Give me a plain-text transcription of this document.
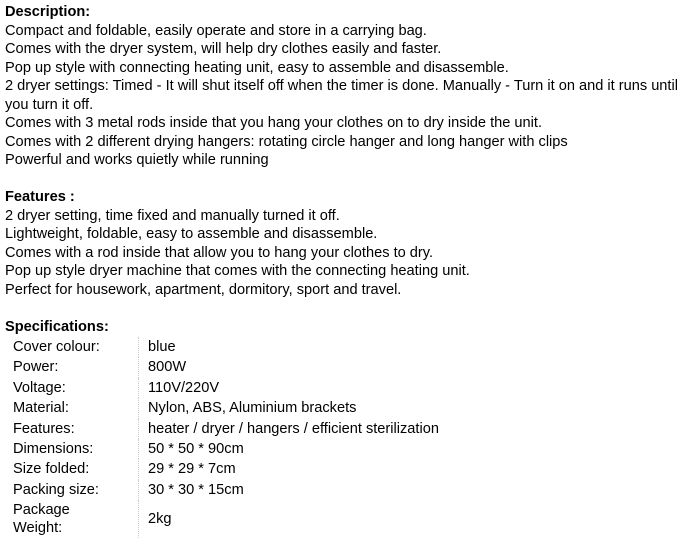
Description:

Compact and foldable, easily operate and store in a carrying bag.

Comes with the dryer system, will help dry clothes easily and faster.

Pop up style with connecting heating unit, easy to assemble and disassemble.

2 dryer settings: Timed - It will shut itself off when the timer is done. Manually - Turn it on and it runs until you turn it off.

Comes with 3 metal rods inside that you hang your clothes on to dry inside the unit.

Comes with 2 different drying hangers: rotating circle hanger and long hanger with clips

Powerful and works quietly while running

Features :

2 dryer setting, time fixed and manually turned it off.

Lightweight, foldable, easy to assemble and disassemble.

Comes with a rod inside that allow you to hang your clothes to dry.

Pop up style dryer machine that comes with the connecting heating unit.

Perfect for housework, apartment, dormitory, sport and travel.

Specifications:

Cover colour:	blue
Power:	800W
Voltage:	110V/220V
Material:	Nylon, ABS, Aluminium brackets
Features:	heater / dryer / hangers / efficient sterilization
Dimensions:	50 * 50 * 90cm
Size folded:	29 * 29 * 7cm
Packing size:	30 * 30 * 15cm
Package
Weight:	2kg
